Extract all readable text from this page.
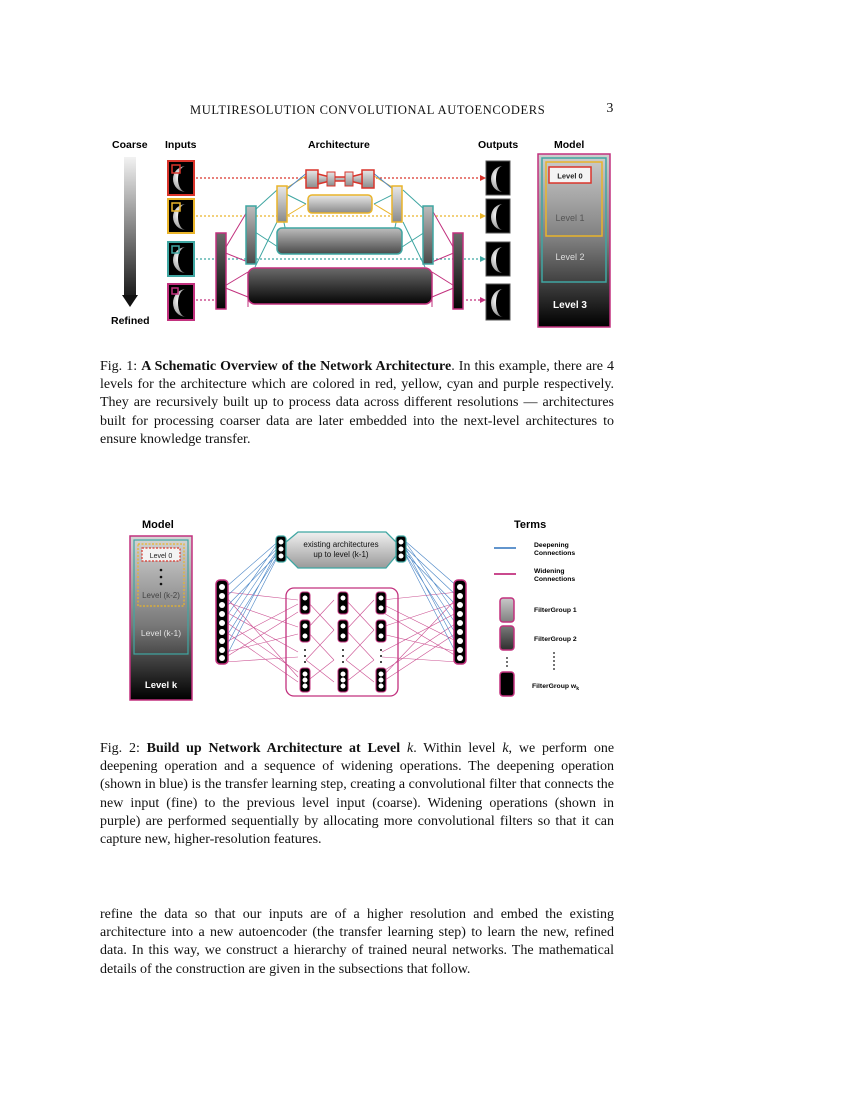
MULTIRESOLUTION CONVOLUTIONAL AUTOENCODERS	3
Coarse Inputs	Architecture	Outputs	Model
Refined
Level 0
Level 1
Level 2
Level 3
Fig. 1: A Schematic Overview of the Network Architecture. In this example, there are 4 levels for the architecture which are colored in red, yellow, cyan and purple respectively. They are recursively built up to process data across different resolutions — architectures built for processing coarser data are later embedded into the next-level architectures to ensure knowledge transfer.
Model	Terms
Level 0
Level (k-2)
Level (k-1)
Level k
existing architectures
up to level (k-1)
Deepening
Connections
Widening
Connections
FilterGroup 1
FilterGroup 2
FilterGroup $w_k$
Fig. 2: Build up Network Architecture at Level k. Within level k, we perform one deepening operation and a sequence of widening operations. The deepening operation (shown in blue) is the transfer learning step, creating a convolutional filter that connects the new input (fine) to the previous level input (coarse). Widening operations (shown in purple) are performed sequentially by allocating more convolutional filters so that it can capture new, higher-resolution features.
refine the data so that our inputs are of a higher resolution and embed the existing architecture into a new autoencoder (the transfer learning step) to learn the new, refined data. In this way, we construct a hierarchy of trained neural networks. The mathematical details of the construction are given in the subsections that follow.
